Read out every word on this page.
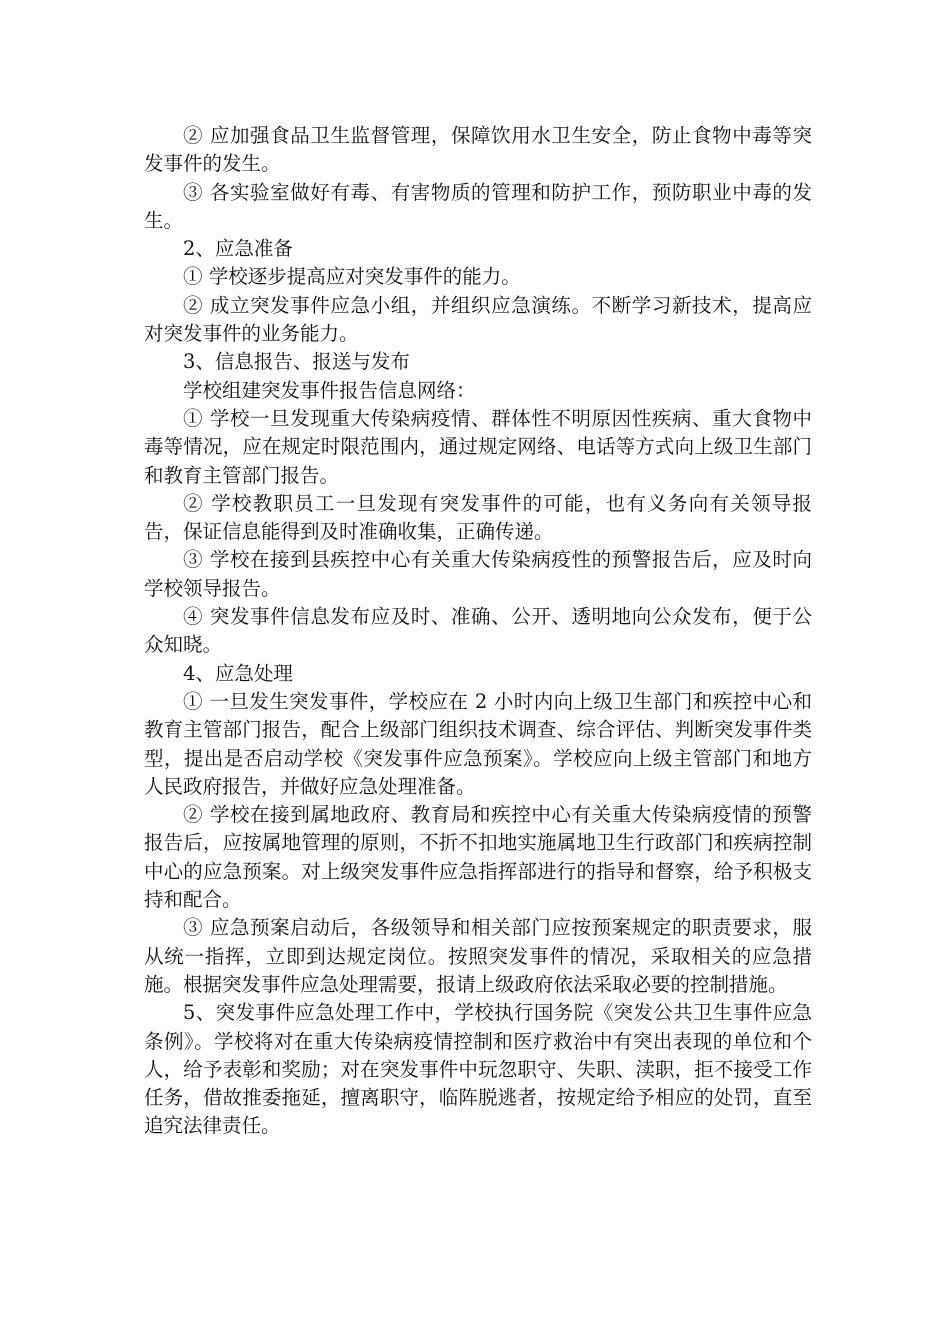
② 应加强食品卫生监督管理，保障饮用水卫生安全，防止食物中毒等突发事件的发生。

③ 各实验室做好有毒、有害物质的管理和防护工作，预防职业中毒的发生。

2、应急准备

① 学校逐步提高应对突发事件的能力。

② 成立突发事件应急小组，并组织应急演练。不断学习新技术，提高应对突发事件的业务能力。

3、信息报告、报送与发布

学校组建突发事件报告信息网络：

① 学校一旦发现重大传染病疫情、群体性不明原因性疾病、重大食物中毒等情况，应在规定时限范围内，通过规定网络、电话等方式向上级卫生部门和教育主管部门报告。

② 学校教职员工一旦发现有突发事件的可能，也有义务向有关领导报告，保证信息能得到及时准确收集，正确传递。

③ 学校在接到县疾控中心有关重大传染病疫性的预警报告后，应及时向学校领导报告。

④ 突发事件信息发布应及时、准确、公开、透明地向公众发布，便于公众知晓。

4、应急处理

① 一旦发生突发事件，学校应在 2 小时内向上级卫生部门和疾控中心和教育主管部门报告，配合上级部门组织技术调查、综合评估、判断突发事件类型，提出是否启动学校《突发事件应急预案》。学校应向上级主管部门和地方人民政府报告，并做好应急处理准备。

② 学校在接到属地政府、教育局和疾控中心有关重大传染病疫情的预警报告后，应按属地管理的原则，不折不扣地实施属地卫生行政部门和疾病控制中心的应急预案。对上级突发事件应急指挥部进行的指导和督察，给予积极支持和配合。

③ 应急预案启动后，各级领导和相关部门应按预案规定的职责要求，服从统一指挥，立即到达规定岗位。按照突发事件的情况，采取相关的应急措施。根据突发事件应急处理需要，报请上级政府依法采取必要的控制措施。

5、突发事件应急处理工作中，学校执行国务院《突发公共卫生事件应急条例》。学校将对在重大传染病疫情控制和医疗救治中有突出表现的单位和个人，给予表彰和奖励；对在突发事件中玩忽职守、失职、渎职，拒不接受工作任务，借故推委拖延，擅离职守，临阵脱逃者，按规定给予相应的处罚，直至追究法律责任。
